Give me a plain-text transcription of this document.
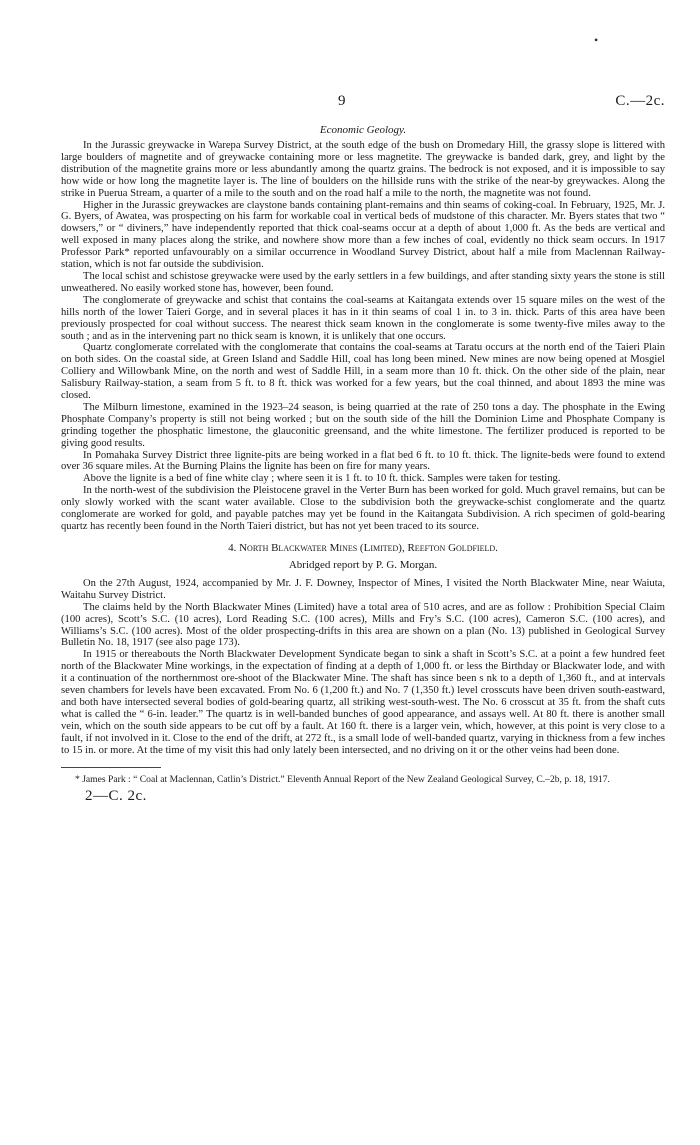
•
9	C.—2c.
Economic Geology.

In the Jurassic greywacke in Warepa Survey District, at the south edge of the bush on Dromedary Hill, the grassy slope is littered with large boulders of magnetite and of greywacke containing more or less magnetite. The greywacke is banded dark, grey, and light by the distribution of the magnetite grains more or less abundantly among the quartz grains. The bedrock is not exposed, and it is impossible to say how wide or how long the magnetite layer is. The line of boulders on the hillside runs with the strike of the near-by greywackes. Along the strike in Puerua Stream, a quarter of a mile to the south and on the road half a mile to the north, the magnetite was not found.

Higher in the Jurassic greywackes are claystone bands containing plant-remains and thin seams of coking-coal. In February, 1925, Mr. J. G. Byers, of Awatea, was prospecting on his farm for workable coal in vertical beds of mudstone of this character. Mr. Byers states that two “ dowsers,” or “ diviners,” have independently reported that thick coal-seams occur at a depth of about 1,000 ft. As the beds are vertical and well exposed in many places along the strike, and nowhere show more than a few inches of coal, evidently no thick seam occurs. In 1917 Professor Park* reported unfavourably on a similar occurrence in Woodland Survey District, about half a mile from Maclennan Railway-station, which is not far outside the subdivision.

The local schist and schistose greywacke were used by the early settlers in a few buildings, and after standing sixty years the stone is still unweathered. No easily worked stone has, however, been found.

The conglomerate of greywacke and schist that contains the coal-seams at Kaitangata extends over 15 square miles on the west of the hills north of the lower Taieri Gorge, and in several places it has in it thin seams of coal 1 in. to 3 in. thick. Parts of this area have been previously prospected for coal without success. The nearest thick seam known in the conglomerate is some twenty-five miles away to the south ; and as in the intervening part no thick seam is known, it is unlikely that one occurs.

Quartz conglomerate correlated with the conglomerate that contains the coal-seams at Taratu occurs at the north end of the Taieri Plain on both sides. On the coastal side, at Green Island and Saddle Hill, coal has long been mined. New mines are now being opened at Mosgiel Colliery and Willowbank Mine, on the north and west of Saddle Hill, in a seam more than 10 ft. thick. On the other side of the plain, near Salisbury Railway-station, a seam from 5 ft. to 8 ft. thick was worked for a few years, but the coal thinned, and about 1893 the mine was closed.

The Milburn limestone, examined in the 1923–24 season, is being quarried at the rate of 250 tons a day. The phosphate in the Ewing Phosphate Company’s property is still not being worked ; but on the south side of the hill the Dominion Lime and Phosphate Company is grinding together the phosphatic limestone, the glauconitic greensand, and the white limestone. The fertilizer produced is reported to be giving good results.

In Pomahaka Survey District three lignite-pits are being worked in a flat bed 6 ft. to 10 ft. thick. The lignite-beds were found to extend over 36 square miles. At the Burning Plains the lignite has been on fire for many years.

Above the lignite is a bed of fine white clay ; where seen it is 1 ft. to 10 ft. thick. Samples were taken for testing.

In the north-west of the subdivision the Pleistocene gravel in the Verter Burn has been worked for gold. Much gravel remains, but can be only slowly worked with the scant water available. Close to the subdivision both the greywacke-schist conglomerate and the quartz conglomerate are worked for gold, and payable patches may yet be found in the Kaitangata Subdivision. A rich specimen of gold-bearing quartz has recently been found in the North Taieri district, but has not yet been traced to its source.

4. North Blackwater Mines (Limited), Reefton Goldfield.
Abridged report by P. G. Morgan.

On the 27th August, 1924, accompanied by Mr. J. F. Downey, Inspector of Mines, I visited the North Blackwater Mine, near Waiuta, Waitahu Survey District.

The claims held by the North Blackwater Mines (Limited) have a total area of 510 acres, and are as follow : Prohibition Special Claim (100 acres), Scott’s S.C. (10 acres), Lord Reading S.C. (100 acres), Mills and Fry’s S.C. (100 acres), Cameron S.C. (100 acres), and Williams’s S.C. (100 acres). Most of the older prospecting-drifts in this area are shown on a plan (No. 13) published in Geological Survey Bulletin No. 18, 1917 (see also page 173).

In 1915 or thereabouts the North Blackwater Development Syndicate began to sink a shaft in Scott’s S.C. at a point a few hundred feet north of the Blackwater Mine workings, in the expectation of finding at a depth of 1,000 ft. or less the Birthday or Blackwater lode, and with it a continuation of the northernmost ore-shoot of the Blackwater Mine. The shaft has since been s nk to a depth of 1,360 ft., and at intervals seven chambers for levels have been excavated. From No. 6 (1,200 ft.) and No. 7 (1,350 ft.) level crosscuts have been driven south-eastward, and both have intersected several bodies of gold-bearing quartz, all striking west-south-west. The No. 6 crosscut at 35 ft. from the shaft cuts what is called the “ 6-in. leader.” The quartz is in well-banded bunches of good appearance, and assays well. At 80 ft. there is another small vein, which on the south side appears to be cut off by a fault. At 160 ft. there is a larger vein, which, however, at this point is very close to a fault, if not involved in it. Close to the end of the drift, at 272 ft., is a small lode of well-banded quartz, varying in thickness from a few inches to 15 in. or more. At the time of my visit this had only lately been intersected, and no driving on it or the other veins had been done.

* James Park : “ Coal at Maclennan, Catlin’s District.” Eleventh Annual Report of the New Zealand Geological Survey, C.–2b, p. 18, 1917.

2—C. 2c.
